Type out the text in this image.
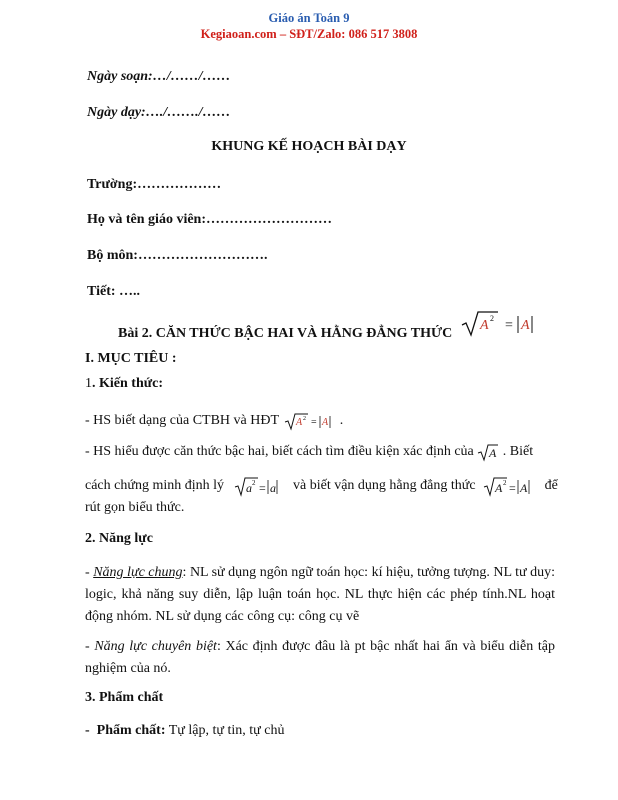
Giáo án Toán 9
Kegiaoan.com – SĐT/Zalo: 086 517 3808
Ngày soạn:…/……/……
Ngày dạy:…./……./……
KHUNG KẾ HOẠCH BÀI DẠY
Trường:………………
Họ và tên giáo viên:………………………
Bộ môn:……………………….
Tiết: …..
Bài 2. CĂN THỨC BẬC HAI VÀ HẰNG ĐẲNG THỨC
A 2 = A
I. MỤC TIÊU :
1. Kiến thức:
- HS biết dạng của CTBH và HĐT A 2 = A .
- HS hiểu được căn thức bậc hai, biết cách tìm điều kiện xác định của A . Biết
cách chứng minh định lý a 2 = a và biết vận dụng hằng đẳng thức A 2 = A để
rút gọn biểu thức.
2. Năng lực
- Năng lực chung: NL sử dụng ngôn ngữ toán học: kí hiệu, tưởng tượng. NL tư duy: logic, khả năng suy diễn, lập luận toán học. NL thực hiện các phép tính.NL hoạt động nhóm. NL sử dụng các công cụ: công cụ vẽ
- Năng lực chuyên biệt: Xác định được đâu là pt bậc nhất hai ẩn và biểu diễn tập nghiệm của nó.
3. Phẩm chất
-  Phẩm chất: Tự lập, tự tin, tự chủ
